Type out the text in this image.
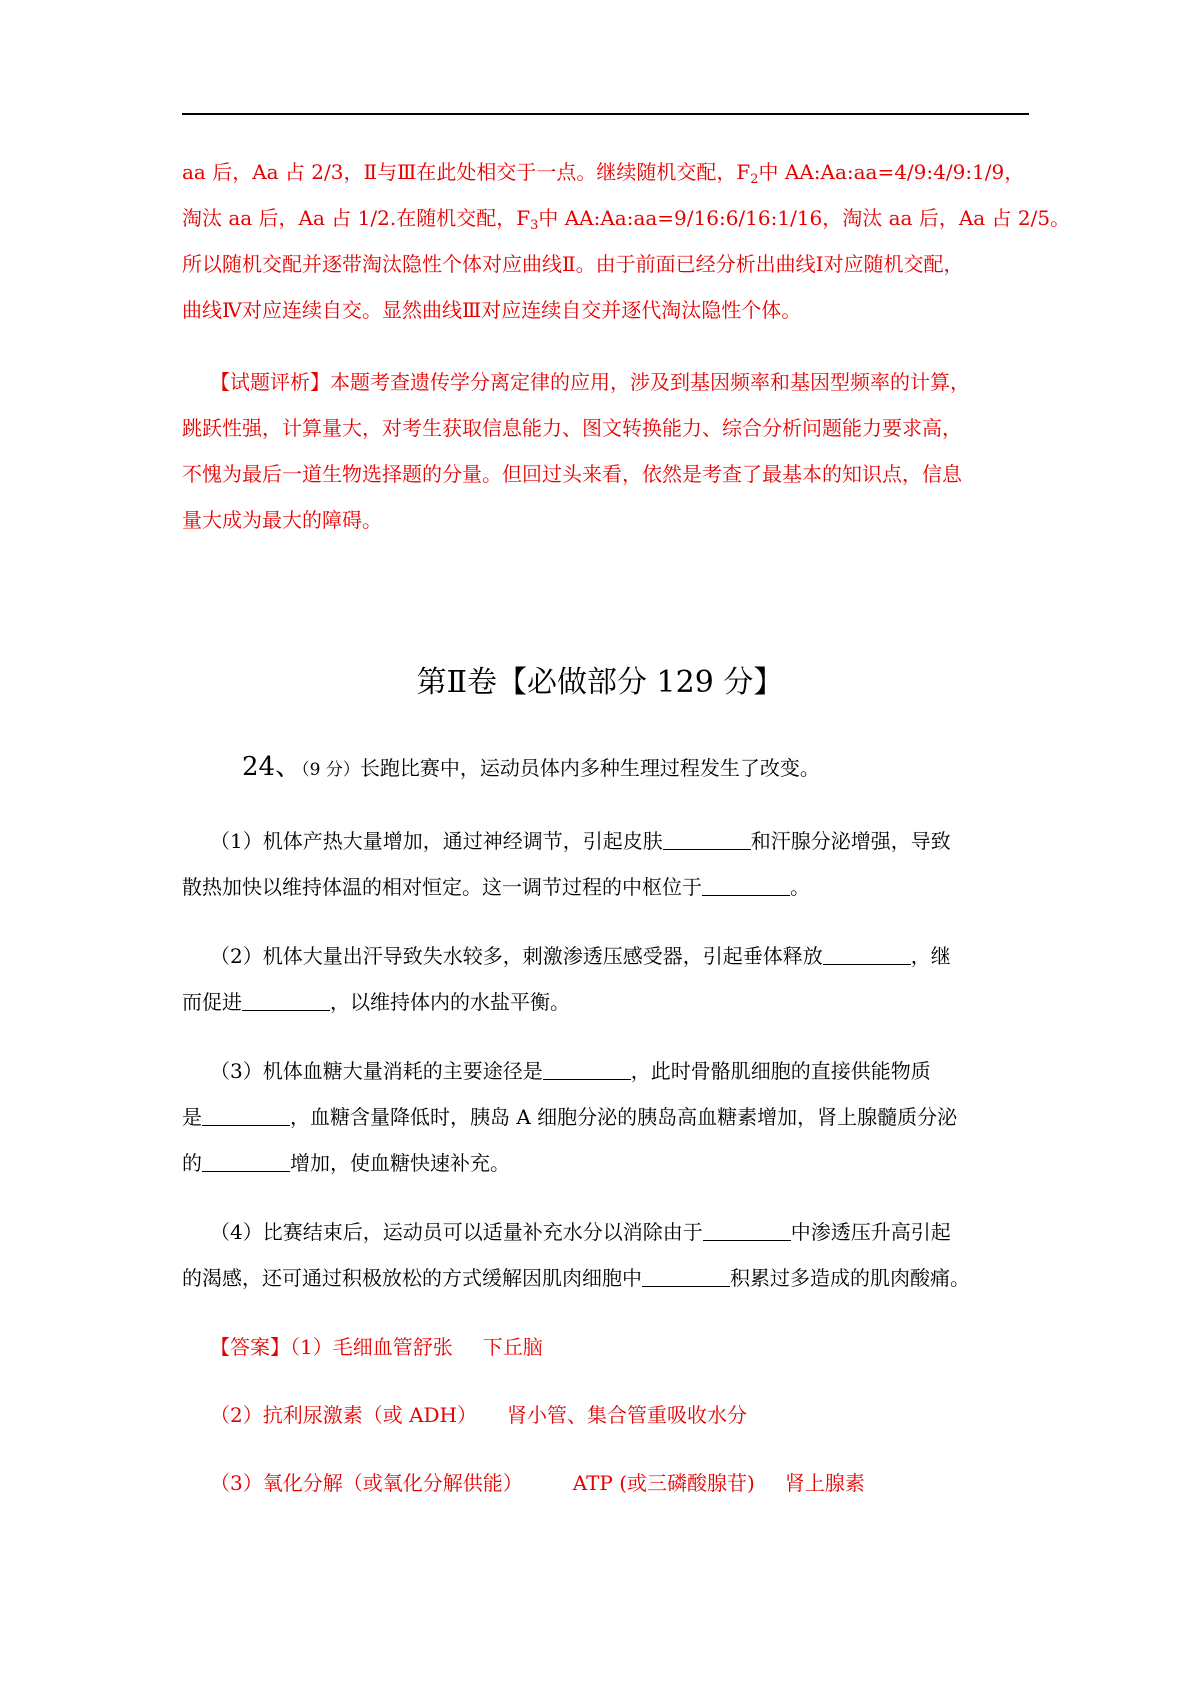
aa 后，Aa 占 2/3，Ⅱ与Ⅲ在此处相交于一点。继续随机交配，$F_2$中 AA:Aa:aa=4/9:4/9:1/9，
淘汰 aa 后，Aa 占 1/2.在随机交配，$F_3$中 AA:Aa:aa=9/16:6/16:1/16，淘汰 aa 后，Aa 占 2/5。
所以随机交配并逐带淘汰隐性个体对应曲线Ⅱ。由于前面已经分析出曲线Ⅰ对应随机交配，
曲线Ⅳ对应连续自交。显然曲线Ⅲ对应连续自交并逐代淘汰隐性个体。
【试题评析】本题考查遗传学分离定律的应用，涉及到基因频率和基因型频率的计算，
跳跃性强，计算量大，对考生获取信息能力、图文转换能力、综合分析问题能力要求高，
不愧为最后一道生物选择题的分量。但回过头来看，依然是考查了最基本的知识点，信息
量大成为最大的障碍。
第Ⅱ卷【必做部分 129 分】
24、（9 分）长跑比赛中，运动员体内多种生理过程发生了改变。
（1）机体产热大量增加，通过神经调节，引起皮肤	和汗腺分泌增强，导致
散热加快以维持体温的相对恒定。这一调节过程的中枢位于	。
（2）机体大量出汗导致失水较多，刺激渗透压感受器，引起垂体释放	，继
而促进	，以维持体内的水盐平衡。
（3）机体血糖大量消耗的主要途径是	，此时骨骼肌细胞的直接供能物质
是	，血糖含量降低时，胰岛 A 细胞分泌的胰岛高血糖素增加，肾上腺髓质分泌
的	增加，使血糖快速补充。
（4）比赛结束后，运动员可以适量补充水分以消除由于	中渗透压升高引起
的渴感，还可通过积极放松的方式缓解因肌肉细胞中	积累过多造成的肌肉酸痛。
【答案】（1）毛细血管舒张 下丘脑
（2）抗利尿激素（或 ADH） 肾小管、集合管重吸收水分
（3）氧化分解（或氧化分解供能）	ATP (或三磷酸腺苷) 肾上腺素
